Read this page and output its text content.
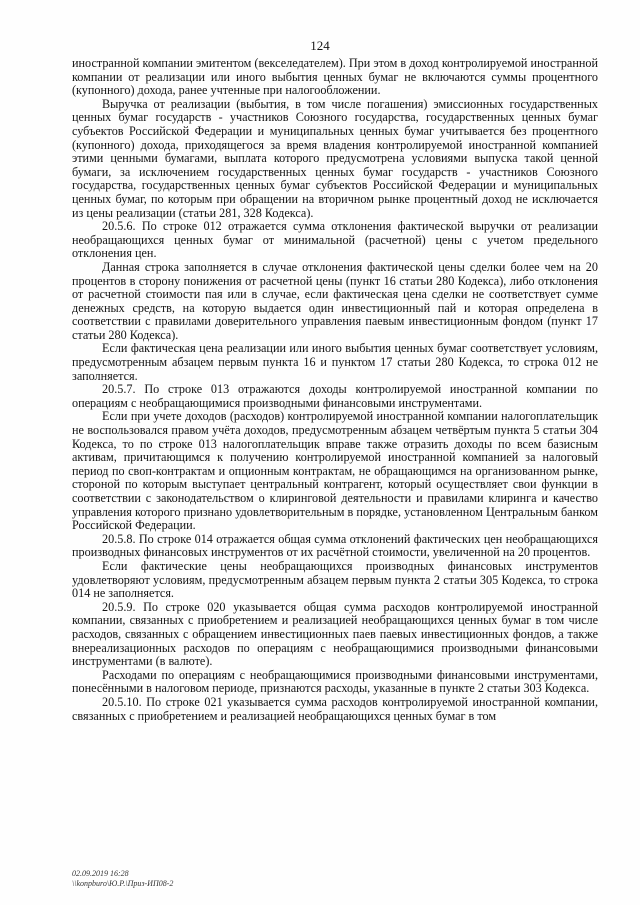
124

иностранной компании эмитентом (векселедателем). При этом в доход контролируемой иностранной компании от реализации или иного выбытия ценных бумаг не включаются суммы процентного (купонного) дохода, ранее учтенные при налогообложении.

Выручка от реализации (выбытия, в том числе погашения) эмиссионных государственных ценных бумаг государств - участников Союзного государства, государственных ценных бумаг субъектов Российской Федерации и муниципальных ценных бумаг учитывается без процентного (купонного) дохода, приходящегося за время владения контролируемой иностранной компанией этими ценными бумагами, выплата которого предусмотрена условиями выпуска такой ценной бумаги, за исключением государственных ценных бумаг государств - участников Союзного государства, государственных ценных бумаг субъектов Российской Федерации и муниципальных ценных бумаг, по которым при обращении на вторичном рынке процентный доход не исключается из цены реализации (статьи 281, 328 Кодекса).

20.5.6. По строке 012 отражается сумма отклонения фактической выручки от реализации необращающихся ценных бумаг от минимальной (расчетной) цены с учетом предельного отклонения цен.

Данная строка заполняется в случае отклонения фактической цены сделки более чем на 20 процентов в сторону понижения от расчетной цены (пункт 16 статьи 280 Кодекса), либо отклонения от расчетной стоимости пая или в случае, если фактическая цена сделки не соответствует сумме денежных средств, на которую выдается один инвестиционный пай и которая определена в соответствии с правилами доверительного управления паевым инвестиционным фондом (пункт 17 статьи 280 Кодекса).

Если фактическая цена реализации или иного выбытия ценных бумаг соответствует условиям, предусмотренным абзацем первым пункта 16 и пунктом 17 статьи 280 Кодекса, то строка 012 не заполняется.

20.5.7. По строке 013 отражаются доходы контролируемой иностранной компании по операциям с необращающимися производными финансовыми инструментами.

Если при учете доходов (расходов) контролируемой иностранной компании налогоплательщик не воспользовался правом учёта доходов, предусмотренным абзацем четвёртым пункта 5 статьи 304 Кодекса, то по строке 013 налогоплательщик вправе также отразить доходы по всем базисным активам, причитающимся к получению контролируемой иностранной компанией за налоговый период по своп-контрактам и опционным контрактам, не обращающимся на организованном рынке, стороной по которым выступает центральный контрагент, который осуществляет свои функции в соответствии с законодательством о клиринговой деятельности и правилами клиринга и качество управления которого признано удовлетворительным в порядке, установленном Центральным банком Российской Федерации.

20.5.8. По строке 014 отражается общая сумма отклонений фактических цен необращающихся производных финансовых инструментов от их расчётной стоимости, увеличенной на 20 процентов.

Если фактические цены необращающихся производных финансовых инструментов удовлетворяют условиям, предусмотренным абзацем первым пункта 2 статьи 305 Кодекса, то строка 014 не заполняется.

20.5.9. По строке 020 указывается общая сумма расходов контролируемой иностранной компании, связанных с приобретением и реализацией необращающихся ценных бумаг в том числе расходов, связанных с обращением инвестиционных паев паевых инвестиционных фондов, а также внереализационных расходов по операциям с необращающимися производными финансовыми инструментами (в валюте).

Расходами по операциям с необращающимися производными финансовыми инструментами, понесёнными в налоговом периоде, признаются расходы, указанные в пункте 2 статьи 303 Кодекса.

20.5.10. По строке 021 указывается сумма расходов контролируемой иностранной компании, связанных с приобретением и реализацией необращающихся ценных бумаг в том

02.09.2019 16:28
\\konpburo\Ю.Р.\Приз-ИП08-2
